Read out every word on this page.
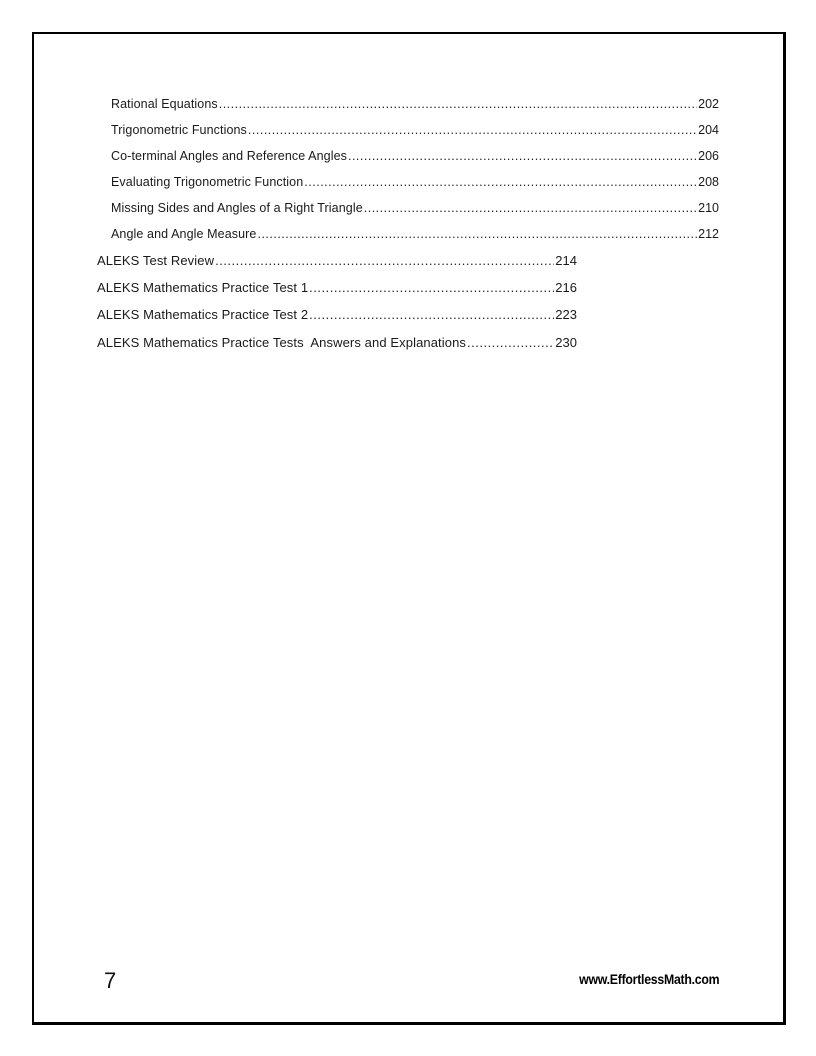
Rational Equations .....	202
Trigonometric Functions .....	204
Co-terminal Angles and Reference Angles .....	206
Evaluating Trigonometric Function .....	208
Missing Sides and Angles of a Right Triangle .....	210
Angle and Angle Measure .....	212
ALEKS Test Review .....	214
ALEKS Mathematics Practice Test 1 .....	216
ALEKS Mathematics Practice Test 2 .....	223
ALEKS Mathematics Practice Tests  Answers and Explanations .....	230
7	www.EffortlessMath.com
